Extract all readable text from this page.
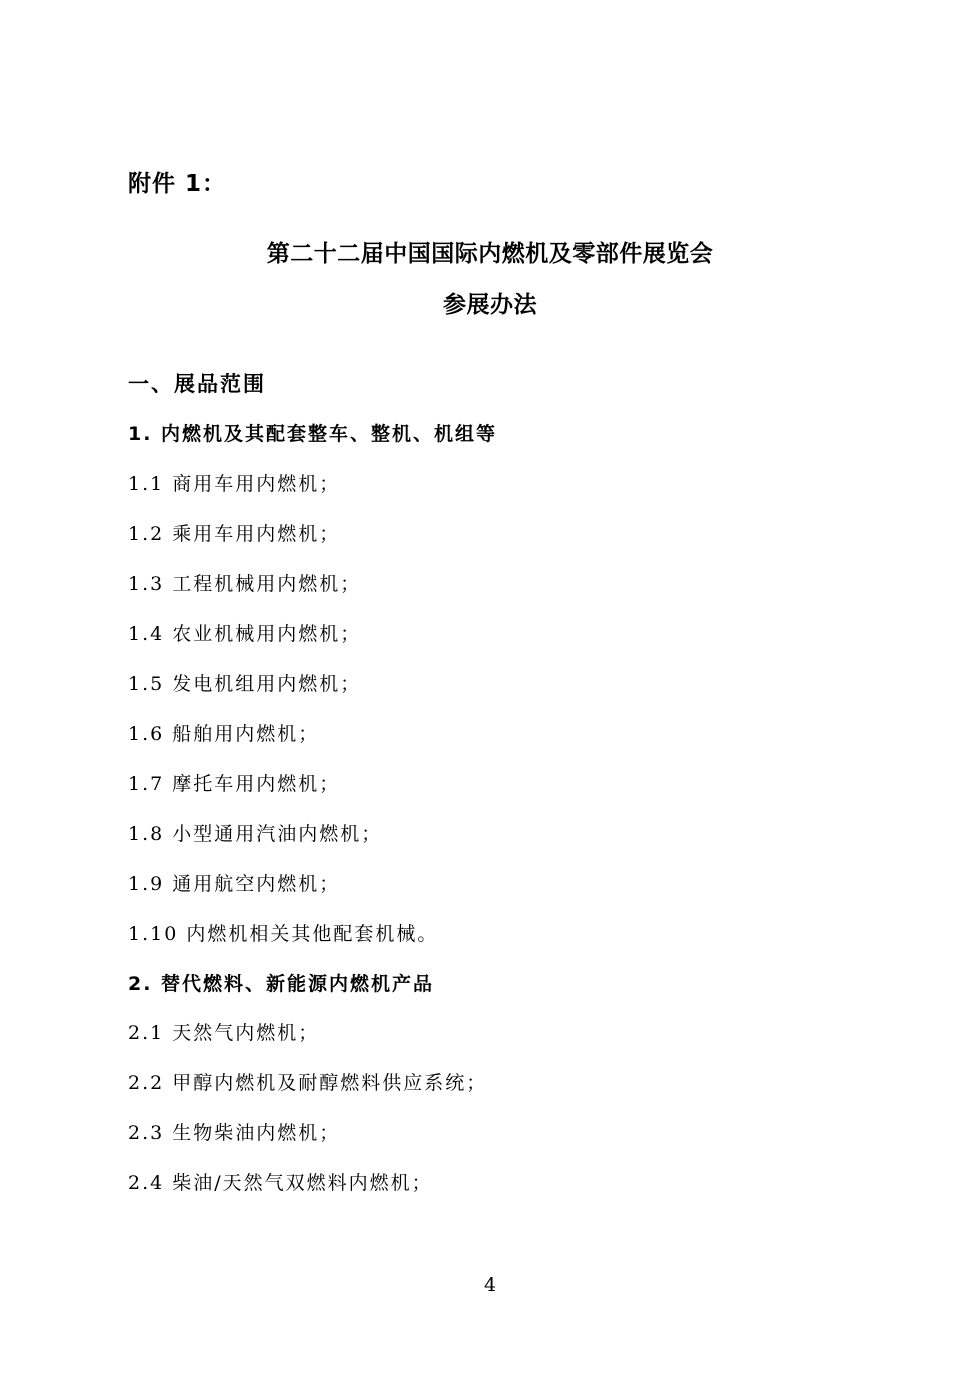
附件 1：
第二十二届中国国际内燃机及零部件展览会
参展办法
一、展品范围
1. 内燃机及其配套整车、整机、机组等
1.1 商用车用内燃机；
1.2 乘用车用内燃机；
1.3 工程机械用内燃机；
1.4 农业机械用内燃机；
1.5 发电机组用内燃机；
1.6 船舶用内燃机；
1.7 摩托车用内燃机；
1.8 小型通用汽油内燃机；
1.9 通用航空内燃机；
1.10 内燃机相关其他配套机械。
2. 替代燃料、新能源内燃机产品
2.1 天然气内燃机；
2.2 甲醇内燃机及耐醇燃料供应系统；
2.3 生物柴油内燃机；
2.4 柴油/天然气双燃料内燃机；
4
